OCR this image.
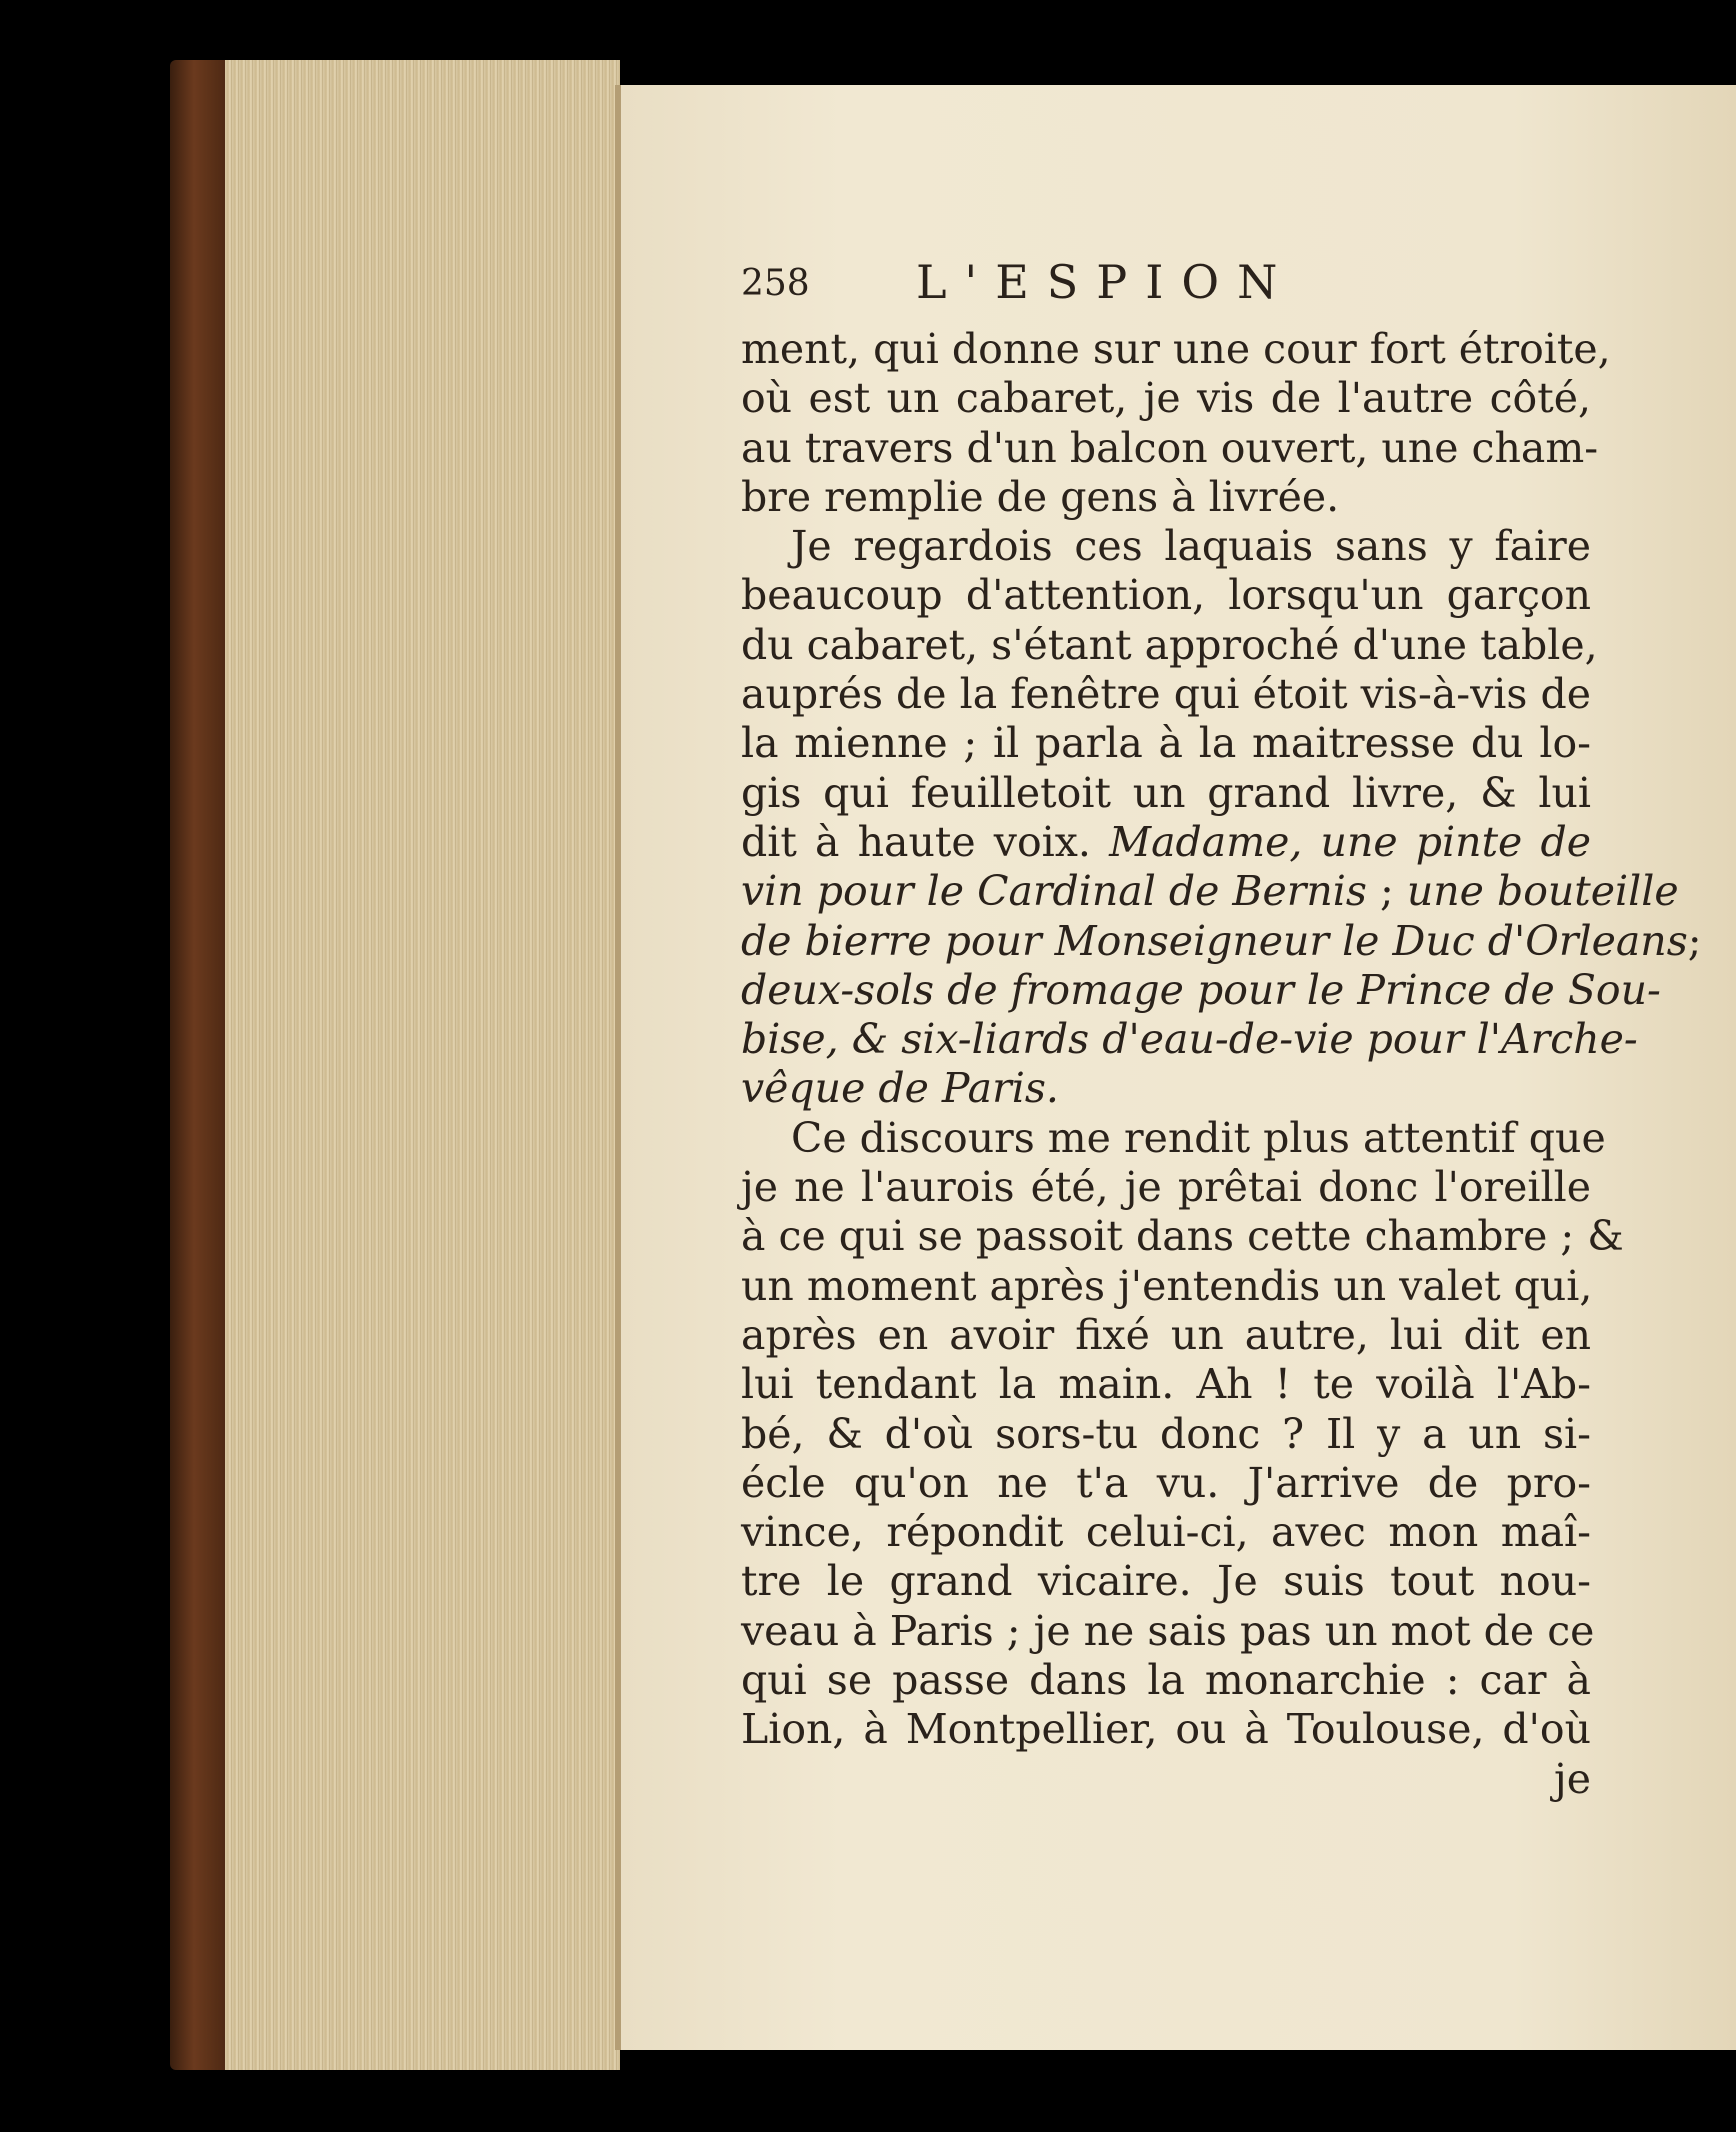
258 L'ESPION
ment, qui donne sur une cour fort étroite,
où est un cabaret, je vis de l'autre côté,
au travers d'un balcon ouvert, une cham-
bre remplie de gens à livrée.
Je regardois ces laquais sans y faire
beaucoup d'attention, lorsqu'un garçon
du cabaret, s'étant approché d'une table,
auprés de la fenêtre qui étoit vis-à-vis de
la mienne ; il parla à la maitresse du lo-
gis qui feuilletoit un grand livre, & lui
dit à haute voix. Madame, une pinte de
vin pour le Cardinal de Bernis ; une bouteille
de bierre pour Monseigneur le Duc d'Orleans;
deux-sols de fromage pour le Prince de Sou-
bise, & six-liards d'eau-de-vie pour l'Arche-
vêque de Paris.
Ce discours me rendit plus attentif que
je ne l'aurois été, je prêtai donc l'oreille
à ce qui se passoit dans cette chambre ; &
un moment après j'entendis un valet qui,
après en avoir fixé un autre, lui dit en
lui tendant la main. Ah ! te voilà l'Ab-
bé, & d'où sors-tu donc ? Il y a un si-
écle qu'on ne t'a vu. J'arrive de pro-
vince, répondit celui-ci, avec mon maî-
tre le grand vicaire. Je suis tout nou-
veau à Paris ; je ne sais pas un mot de ce
qui se passe dans la monarchie : car à
Lion, à Montpellier, ou à Toulouse, d'où
je
